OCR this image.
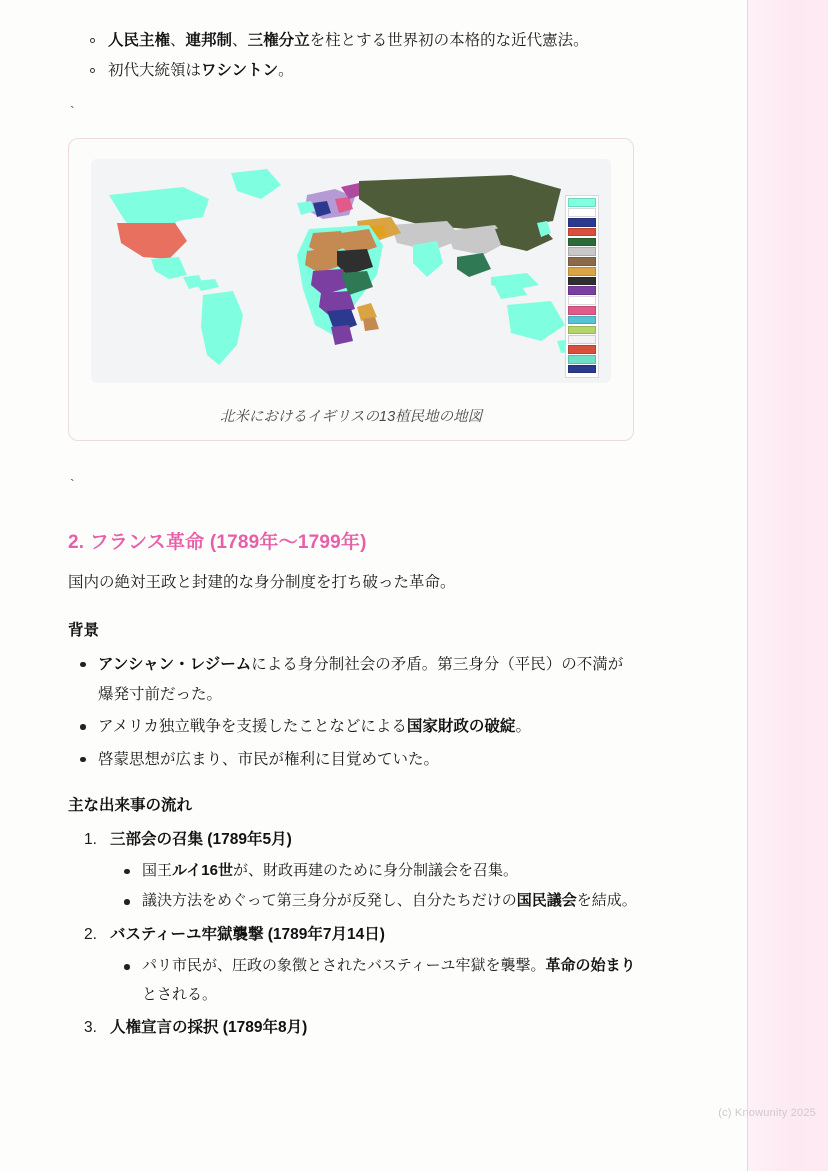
(c) Knowunity 2025
人民主権、連邦制、三権分立を柱とする世界初の本格的な近代憲法。
初代大統領はワシントン。
`
北米におけるイギリスの13植民地の地図
`
2. フランス革命 (1789年〜1799年)

国内の絶対王政と封建的な身分制度を打ち破った革命。

背景
アンシャン・レジームによる身分制社会の矛盾。第三身分（平民）の不満が爆発寸前だった。
アメリカ独立戦争を支援したことなどによる国家財政の破綻。
啓蒙思想が広まり、市民が権利に目覚めていた。
主な出来事の流れ
三部会の召集 (1789年5月)
国王ルイ16世が、財政再建のために身分制議会を召集。
議決方法をめぐって第三身分が反発し、自分たちだけの国民議会を結成。
バスティーユ牢獄襲撃 (1789年7月14日)
パリ市民が、圧政の象徴とされたバスティーユ牢獄を襲撃。革命の始まりとされる。
人権宣言の採択 (1789年8月)
